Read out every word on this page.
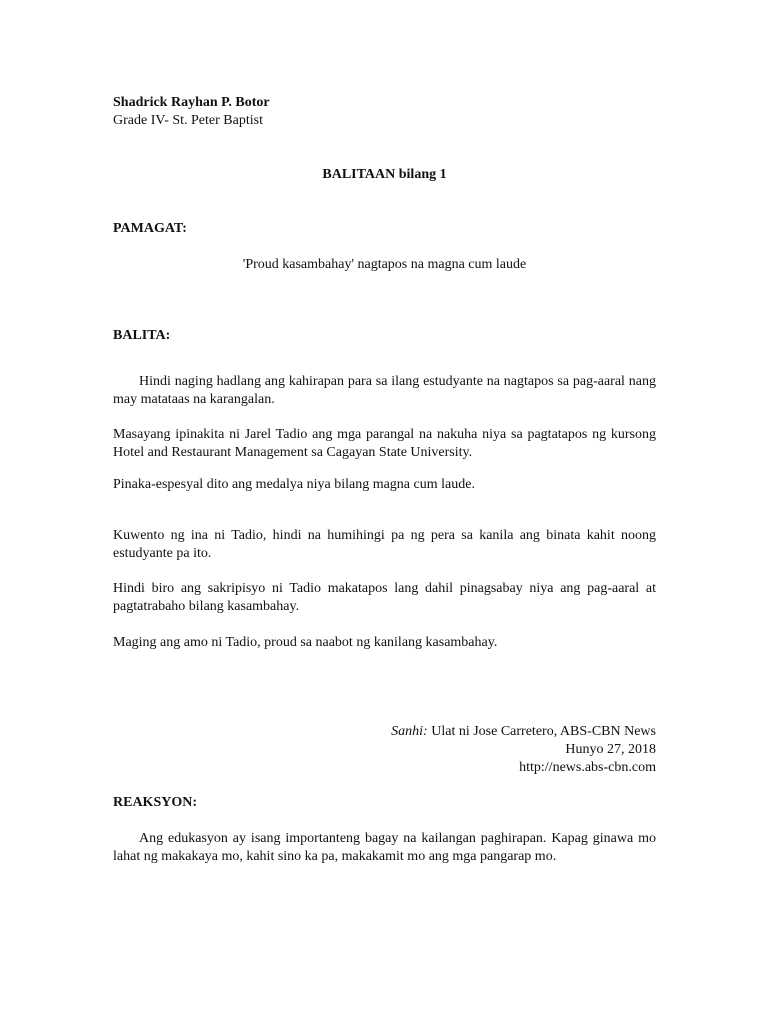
Shadrick Rayhan P. Botor

Grade IV- St. Peter Baptist

BALITAAN bilang 1

PAMAGAT:

'Proud kasambahay' nagtapos na magna cum laude

BALITA:

Hindi naging hadlang ang kahirapan para sa ilang estudyante na nagtapos sa pag-aaral nang may matataas na karangalan.

Masayang ipinakita ni Jarel Tadio ang mga parangal na nakuha niya sa pagtatapos ng kursong Hotel and Restaurant Management sa Cagayan State University.

Pinaka-espesyal dito ang medalya niya bilang magna cum laude.

Kuwento ng ina ni Tadio, hindi na humihingi pa ng pera sa kanila ang binata kahit noong estudyante pa ito.

Hindi biro ang sakripisyo ni Tadio makatapos lang dahil pinagsabay niya ang pag-aaral at pagtatrabaho bilang kasambahay.

Maging ang amo ni Tadio, proud sa naabot ng kanilang kasambahay.

Sanhi: Ulat ni Jose Carretero, ABS-CBN News

Hunyo 27, 2018

http://news.abs-cbn.com

REAKSYON:

Ang edukasyon ay isang importanteng bagay na kailangan paghirapan. Kapag ginawa mo lahat ng makakaya mo, kahit sino ka pa, makakamit mo ang mga pangarap mo.
